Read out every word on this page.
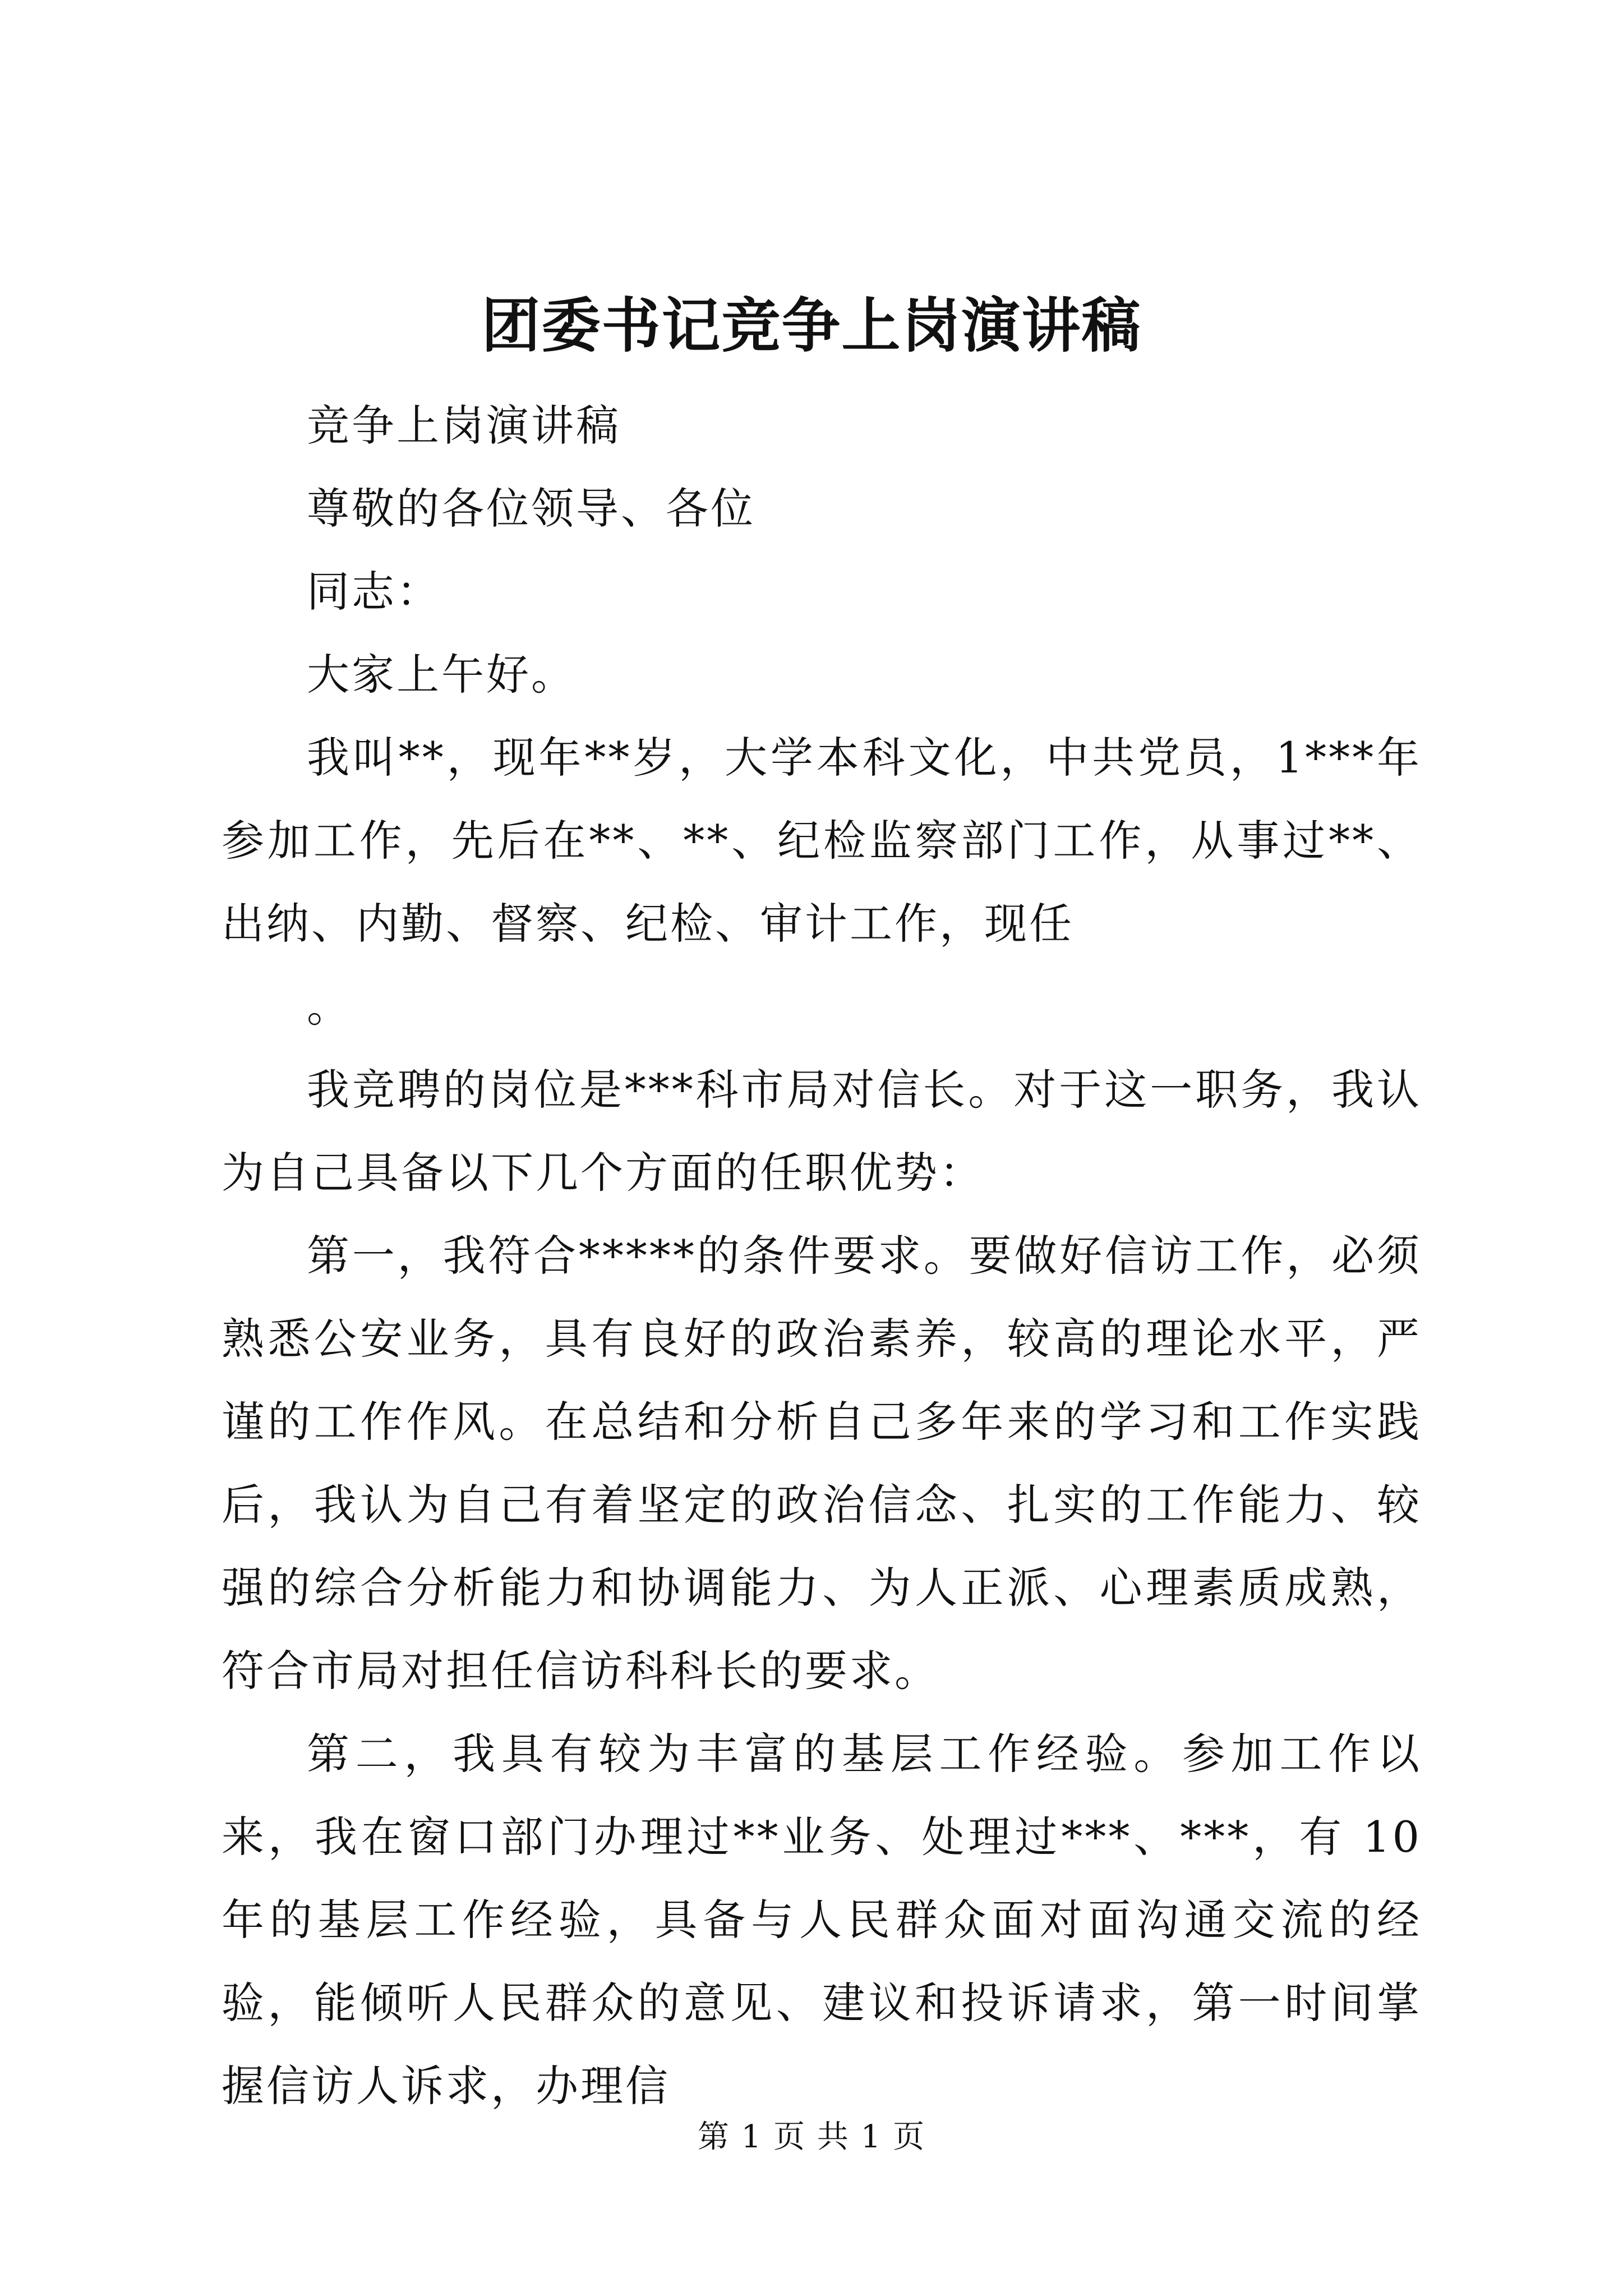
团委书记竞争上岗演讲稿

竞争上岗演讲稿

尊敬的各位领导、各位

同志：

大家上午好。

我叫**，现年**岁，大学本科文化，中共党员，1***年参加工作，先后在**、**、纪检监察部门工作，从事过**、出纳、内勤、督察、纪检、审计工作，现任

。

我竞聘的岗位是***科市局对信长。对于这一职务，我认为自己具备以下几个方面的任职优势：

第一，我符合*****的条件要求。要做好信访工作，必须熟悉公安业务，具有良好的政治素养，较高的理论水平，严谨的工作作风。在总结和分析自己多年来的学习和工作实践后，我认为自己有着坚定的政治信念、扎实的工作能力、较强的综合分析能力和协调能力、为人正派、心理素质成熟，符合市局对担任信访科科长的要求。

第二，我具有较为丰富的基层工作经验。参加工作以来，我在窗口部门办理过**业务、处理过***、***，有 10 年的基层工作经验，具备与人民群众面对面沟通交流的经验，能倾听人民群众的意见、建议和投诉请求，第一时间掌握信访人诉求，办理信

第 1 页 共 1 页
